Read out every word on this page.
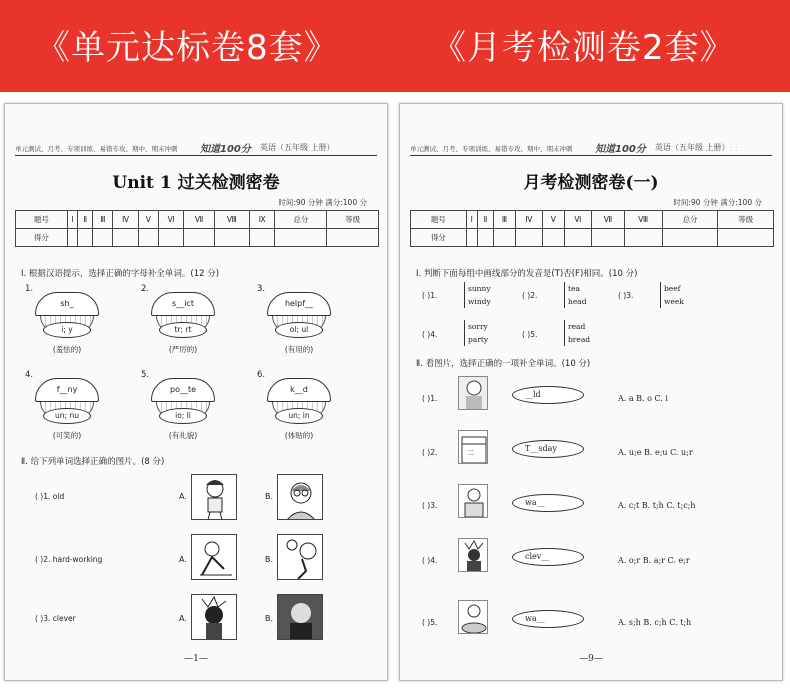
《单元达标卷8套》	《月考检测卷2套》
单元测试、月考、专项训练、易错专攻、期中、期末冲刺 知道100分 英语（五年级 上册）
Unit 1 过关检测密卷
时间:90 分钟 满分:100 分
题号	Ⅰ	Ⅱ	Ⅲ	Ⅳ	Ⅴ	Ⅵ	Ⅶ	Ⅷ	Ⅸ	总分	等级
得分											
Ⅰ. 根据汉语提示，选择正确的字母补全单词。(12 分)
1.
sh_
i; y
(羞怯的)
2.
s__ict
tr; rt
(严厉的)
3.
helpf__
ol; ul
(有用的)
4.
f__ny
un; nu
(可笑的)
5.
po__te
io; li
(有礼貌)
6.
k__d
un; in
(体贴的)
Ⅱ. 给下列单词选择正确的图片。(8 分)
( )1. old	A.	B.
( )2. hard-working	A.	B.
( )3. clever	A.	B.
—1—
ː ː
单元测试、月考、专项训练、易错专攻、期中、期末冲刺 知道100分 英语（五年级 上册）
月考检测密卷(一)
时间:90 分钟 满分:100 分
题号	Ⅰ	Ⅱ	Ⅲ	Ⅳ	Ⅴ	Ⅵ	Ⅶ	Ⅷ	总分	等级
得分										
Ⅰ. 判断下面每组中画线部分的发音是(T)否(F)相同。(10 分)
( )1.
sunny
windy
( )2.
tea
head
( )3.
beef
week
( )4.
sorry
party
( )5.
read
bread
Ⅱ. 看图片，选择正确的一项补全单词。(10 分)
( )1.	__ld	A. a B. o C. i
( )2.	二	T__sday	A. u;e B. e;u C. u;r
( )3.	wa__	A. c;t B. t;h C. t;c;h
( )4.	clev__	A. o;r B. a;r C. e;r
( )5.	wa__	A. s;h B. c;h C. t;h
—9—
